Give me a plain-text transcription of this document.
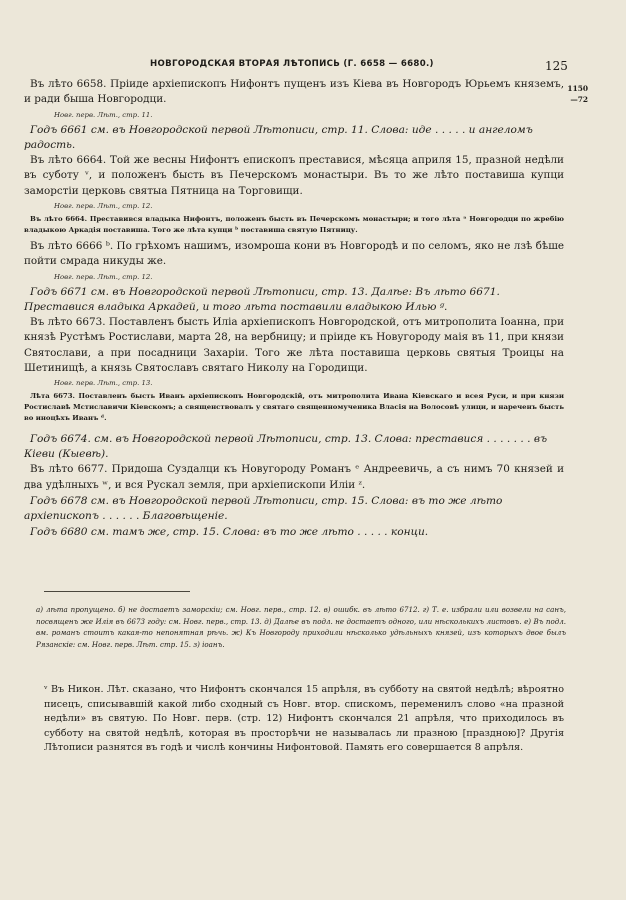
НОВГОРОДСКАЯ ВТОРАЯ ЛѢТОПИСЬ (Г. 6658 — 6680.)	125
1150
—72

Въ лѣто 6658. Пріиде архіепископъ Нифонтъ пущенъ изъ Кіева въ Новгородъ Юрьемъ княземъ, и ради быша Новгородци.

Новг. перв. Лѣт., стр. 11.

Годъ 6661 см. въ Новгородской первой Лѣтописи, стр. 11. Слова: иде . . . . . и ангеломъ радость.

Въ лѣто 6664. Той же весны Нифонтъ епископъ преставися, мѣсяца априля 15, празной недѣли въ суботу ᵛ, и положенъ бысть въ Печерскомъ монастыри. Въ то же лѣто поставиша купци заморстіи церковь святыа Пятница на Торговищи.

Новг. перв. Лѣт., стр. 12.

Въ лѣто 6664. Преставився владыка Нифонтъ, положенъ бысть въ Печерскомъ монастыри; и того лѣта ᵃ Новгородци по жребію владыкою Аркадія поставиша. Того же лѣта купци ᵇ поставиша святую Пятницу.

Въ лѣто 6666 ᵇ. По грѣхомъ нашимъ, изомроша кони въ Новгородѣ и по селомъ, яко не лзѣ бѣше пойти смрада никуды же.

Новг. перв. Лѣт., стр. 12.

Годъ 6671 см. въ Новгородской первой Лѣтописи, стр. 13. Далѣе: Въ лѣто 6671. Преставися владыка Аркадей, и того лѣта поставили владыкою Илью ᵍ.

Въ лѣто 6673. Поставленъ бысть Иліа архіепископъ Новгородской, отъ митрополита Іоанна, при князѣ Рустѣмъ Ростислави, марта 28, на вербницу; и пріиде къ Новугороду маія въ 11, при князи Святослави, а при посадници Захаріи. Того же лѣта поставиша церковь святыя Троицы на Шетинищѣ, а князь Святославъ святаго Николу на Городищи.

Новг. перв. Лѣт., стр. 13.

Лѣта 6673. Поставленъ бысть Иванъ архіепископъ Новгородскій, отъ митрополита Ивана Кіевскаго и всея Руси, и при князи Ростиславѣ Мстиславичи Кіевскомъ; а священствовалъ у святаго священномученика Власія на Волосовѣ улици, и нареченъ бысть во иноцѣхъ Иванъ ᵈ.

Годъ 6674. см. въ Новгородской первой Лѣтописи, стр. 13. Слова: преставися . . . . . . . въ Кіеви (Кыевѣ).

Въ лѣто 6677. Придоша Суздалци къ Новугороду Романъ ᵉ Андреевичь, а съ нимъ 70 князей и два удѣлныхъ ʷ, и вся Рускал земля, при архіепископи Иліи ᶻ.

Годъ 6678 см. въ Новгородской первой Лѣтописи, стр. 15. Слова: въ то же лѣто архіепископъ . . . . . . Благовѣщеніе.

Годъ 6680 см. тамъ же, стр. 15. Слова: въ то же лѣто . . . . . конци.

а) лѣта пропущено. б) не достаетъ заморскіи; см. Новг. перв., стр. 12. в) ошибк. въ лѣто 6712. г) Т. е. избрали или возвели на санъ, посвященъ же Илія въ 6673 году: см. Новг. перв., стр. 13. д) Далѣе въ подл. не достаетъ одного, или нѣсколькихъ листовъ. е) Въ подл. вм. романъ стоитъ какая-то непонятная рѣчь. ж) Къ Новгороду приходили нѣсколько удѣльныхъ князей, изъ которыхъ двое былъ Рязанскіе: см. Новг. перв. Лѣт. стр. 15. з) іоанъ.
ᵛ Въ Никон. Лѣт. сказано, что Нифонтъ скончался 15 апрѣля, въ субботу на святой недѣлѣ; вѣроятно писецъ, списывавшій какой либо сходный съ Новг. втор. спискомъ, переменилъ слово «на празной недѣли» въ святую. По Новг. перв. (стр. 12) Нифонтъ скончался 21 апрѣля, что приходилось въ субботу на святой недѣлѣ, которая въ просторѣчи не называлась ли празною [праздною]? Другія Лѣтописи разнятся въ годѣ и числѣ кончины Нифонтовой. Память его совершается 8 апрѣля.
